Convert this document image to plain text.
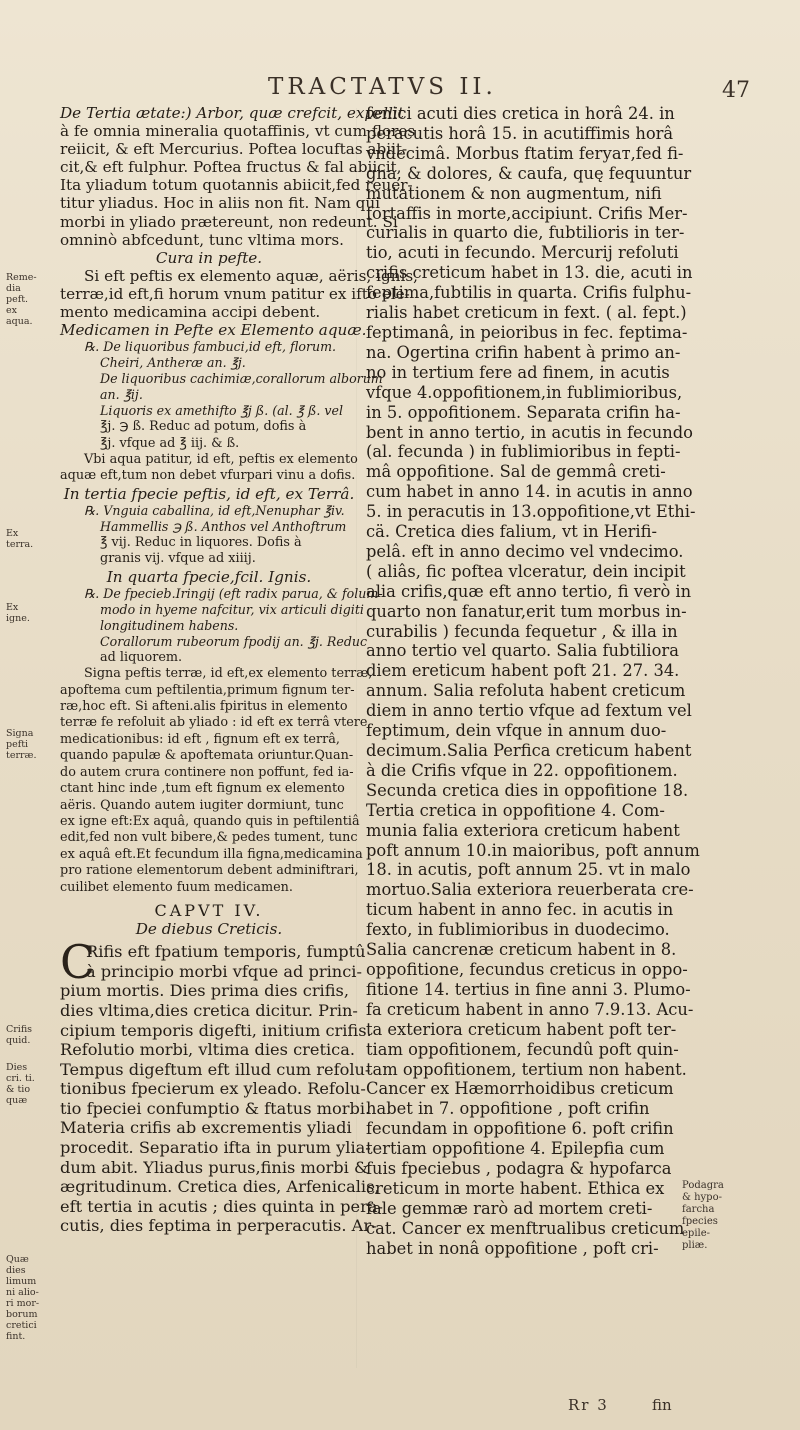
TRACTATVS II.	47
De Tertia ætate:) Arbor, quæ crefcit, expellit
à fe omnia mineralia quotaffinis, vt cum flores
reiicit, & eft Mercurius. Poftea locuftas abiit-
cit,& eft fulphur. Poftea fructus & fal abiicit,
Ita yliadum totum quotannis abiicit,fed reuer-
titur yliadus. Hoc in aliis non fit. Nam qui
morbi in yliado prætereunt, non redeunt. Si
omninò abfcedunt, tunc vltima mors.
Cura in pefte.
Si eft peftis ex elemento aquæ, aëris, ignis,
terræ,id eft,fi horum vnum patitur ex ifto ele-
mento medicamina accipi debent.
Medicamen in Pefte ex Elemento aquæ.
℞. De liquoribus fambuci,id eft, florum.
Cheiri, Antheræ an. ℥j.
De liquoribus cachimiæ,corallorum alborum
an. ℥ij.
Liquoris ex amethifto ℥j ß. (al. ℥ ß. vel
℥j. ℈ ß. Reduc ad potum, dofis à
℥j. vfque ad ℥ iij. & ß.
Vbi aqua patitur, id eft, peftis ex elemento
aquæ eft,tum non debet vfurpari vinu a dofis.
In tertia fpecie peftis, id eft, ex Terrâ.
℞. Vnguia caballina, id eft,Nenuphar ℥iv.
Hammellis ℈ ß. Anthos vel Anthoftrum
℥ vij. Reduc in liquores. Dofis à
granis vij. vfque ad xiiij.
In quarta fpecie,fcil. Ignis.
℞. De fpecieb.Iringij (eft radix parua, & folum-
modo in hyeme nafcitur, vix articuli digiti
longitudinem habens.
Corallorum rubeorum fpodij an. ℥j. Reduc
ad liquorem.
Signa peftis terræ, id eft,ex elemento terræ,
apoftema cum peftilentia,primum fignum ter-
ræ,hoc eft. Si afteni.alis fpiritus in elemento
terræ fe refoluit ab yliado : id eft ex terrâ vtere
medicationibus: id eft , fignum eft ex terrâ,
quando papulæ & apoftemata oriuntur.Quan-
do autem crura continere non poffunt, fed ia-
ctant hinc inde ,tum eft fignum ex elemento
aëris. Quando autem iugiter dormiunt, tunc
ex igne eft:Ex aquâ, quando quis in peftilentiâ
edit,fed non vult bibere,& pedes tument, tunc
ex aquâ eft.Et fecundum illa figna,medicamina
pro ratione elementorum debent adminiftrari,
cuilibet elemento fuum medicamen.
CAPVT IV.
De diebus Creticis.
C
Rifis eft fpatium temporis, fumptû
à principio morbi vfque ad princi-
pium mortis. Dies prima dies crifis,
dies vltima,dies cretica dicitur. Prin-
cipium temporis digefti, initium crifis.
Refolutio morbi, vltima dies cretica.
Tempus digeftum eft illud cum refolu-
tionibus fpecierum ex yleado. Refolu-
tio fpeciei confumptio & ftatus morbi.
Materia crifis ab excrementis yliadi
procedit. Separatio ifta in purum ylia-
dum abit. Yliadus purus,finis morbi &
ægritudinum. Cretica dies, Arfenicalis,
eft tertia in acutis ; dies quinta in pera-
cutis, dies feptima in perperacutis. Ar-
fenici acuti dies cretica in horâ 24. in
peracutis horâ 15. in acutiffimis horâ
vndecimâ. Morbus ftatim ferуат,fed fi-
gna, & dolores, & caufa, quę fequuntur
mutationem & non augmentum, nifi
fortaffis in morte,accipiunt. Crifis Mer-
curialis in quarto die, fubtilioris in ter-
tio, acuti in fecundo. Mercurij refoluti
crifis creticum habet in 13. die, acuti in
feptima,fubtilis in quarta. Crifis fulphu-
rialis habet creticum in fext. ( al. fept.)
feptimanâ, in peioribus in fec. feptima-
na. Ogertina crifin habent à primo an-
no in tertium fere ad finem, in acutis
vfque 4.oppofitionem,in fublimioribus,
in 5. oppofitionem. Separata crifin ha-
bent in anno tertio, in acutis in fecundo
(al. fecunda ) in fublimioribus in fepti-
mâ oppofitione. Sal de gemmâ creti-
cum habet in anno 14. in acutis in anno
5. in peracutis in 13.oppofitione,vt Ethi-
cä. Cretica dies falium, vt in Herifi-
pelâ. eft in anno decimo vel vndecimo.
( aliâs, fic poftea vlceratur, dein incipit
alia crifis,quæ eft anno tertio, fi verò in
quarto non fanatur,erit tum morbus in-
curabilis ) fecunda fequetur , & illa in
anno tertio vel quarto. Salia fubtiliora
diem ereticum habent poft 21. 27. 34.
annum. Salia refoluta habent creticum
diem in anno tertio vfque ad fextum vel
feptimum, dein vfque in annum duo-
decimum.Salia Perfica creticum habent
à die Crifis vfque in 22. oppofitionem.
Secunda cretica dies in oppofitione 18.
Tertia cretica in oppofitione 4. Com-
munia falia exteriora creticum habent
poft annum 10.in maioribus, poft annum
18. in acutis, poft annum 25. vt in malo
mortuo.Salia exteriora reuerberata cre-
ticum habent in anno fec. in acutis in
fexto, in fublimioribus in duodecimo.
Salia cancrenæ creticum habent in 8.
oppofitione, fecundus creticus in oppo-
fitione 14. tertius in fine anni 3. Plumo-
fa creticum habent in anno 7.9.13. Acu-
ta exteriora creticum habent poft ter-
tiam oppofitionem, fecundû poft quin-
tam oppofitionem, tertium non habent.
Cancer ex Hæmorrhoidibus creticum
habet in 7. oppofitione , poft crifin
fecundam in oppofitione 6. poft crifin
tertiam oppofitione 4. Epilepfia cum
fuis fpeciebus , podagra & hypofarca
creticum in morte habent. Ethica ex
fale gemmæ rarò ad mortem creti-
cat. Cancer ex menftrualibus creticum
habet in nonâ oppofitione , poft cri-
Reme- dia peft. ex aqua.
Ex terra.
Ex igne.
Signa pefti terræ.
Crifis quid.
Dies cri. ti. & tio quæ
Quæ dies limum ni alio- ri mor- borum cretici fint.
Podagra & hypo- farcha fpecies epile- pliæ.
Rr 3	fin
